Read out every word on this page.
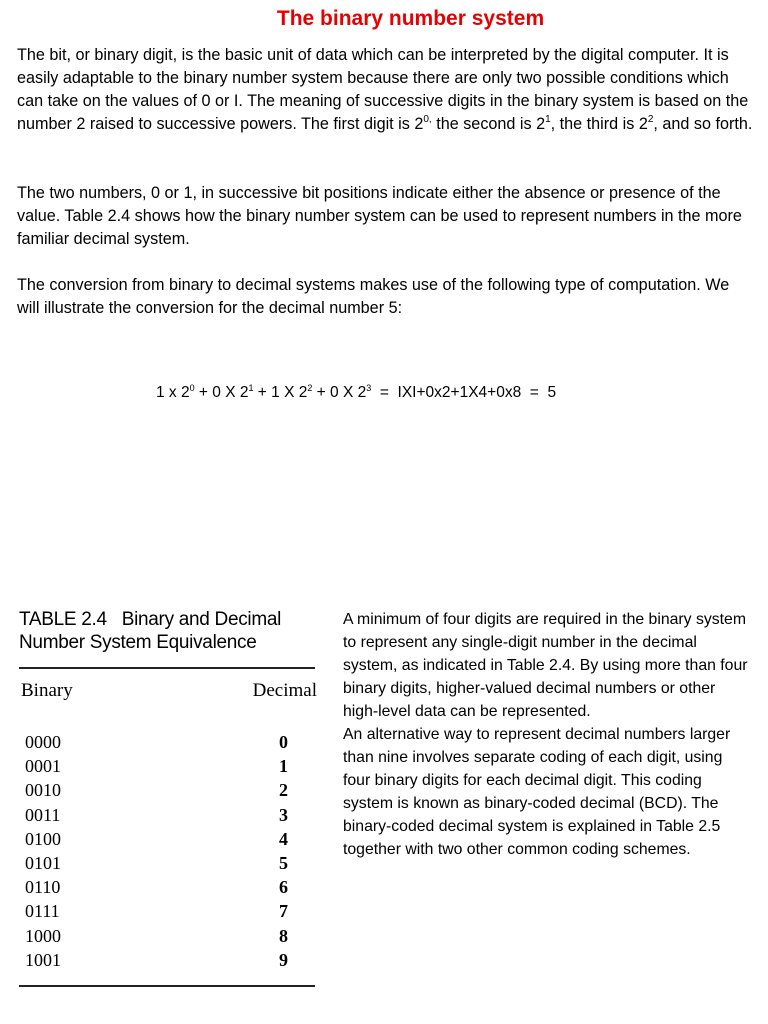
The binary number system

The bit, or binary digit, is the basic unit of data which can be interpreted by the digital computer. It is easily adaptable to the binary number system because there are only two possible conditions which can take on the values of 0 or I. The meaning of successive digits in the binary system is based on the number 2 raised to successive powers. The first digit is $2^{0,}$ the second is $2^1$, the third is $2^2$, and so forth.

The two numbers, 0 or 1, in successive bit positions indicate either the absence or presence of the value. Table 2.4 shows how the binary number system can be used to represent numbers in the more familiar decimal system.

The conversion from binary to decimal systems makes use of the following type of computation. We will illustrate the conversion for the decimal number 5:

1 x $2^0 + 0$ X $2^1 + 1$ X $2^2 + 0$ X $2^3 = IXI+0x2+1X4+0x8 = 5$
TABLE 2.4 Binary and Decimal
Number System Equivalence
Binary	Decimal
0000	0
0001	1
0010	2
0011	3
0100	4
0101	5
0110	6
0111	7
1000	8
1001	9
A minimum of four digits are required in the binary system to represent any single-digit number in the decimal system, as indicated in Table 2.4. By using more than four binary digits, higher-valued decimal numbers or other high-level data can be represented.
An alternative way to represent decimal numbers larger than nine involves separate coding of each digit, using four binary digits for each decimal digit. This coding system is known as binary-coded decimal (BCD). The binary-coded decimal system is explained in Table 2.5 together with two other common coding schemes.
